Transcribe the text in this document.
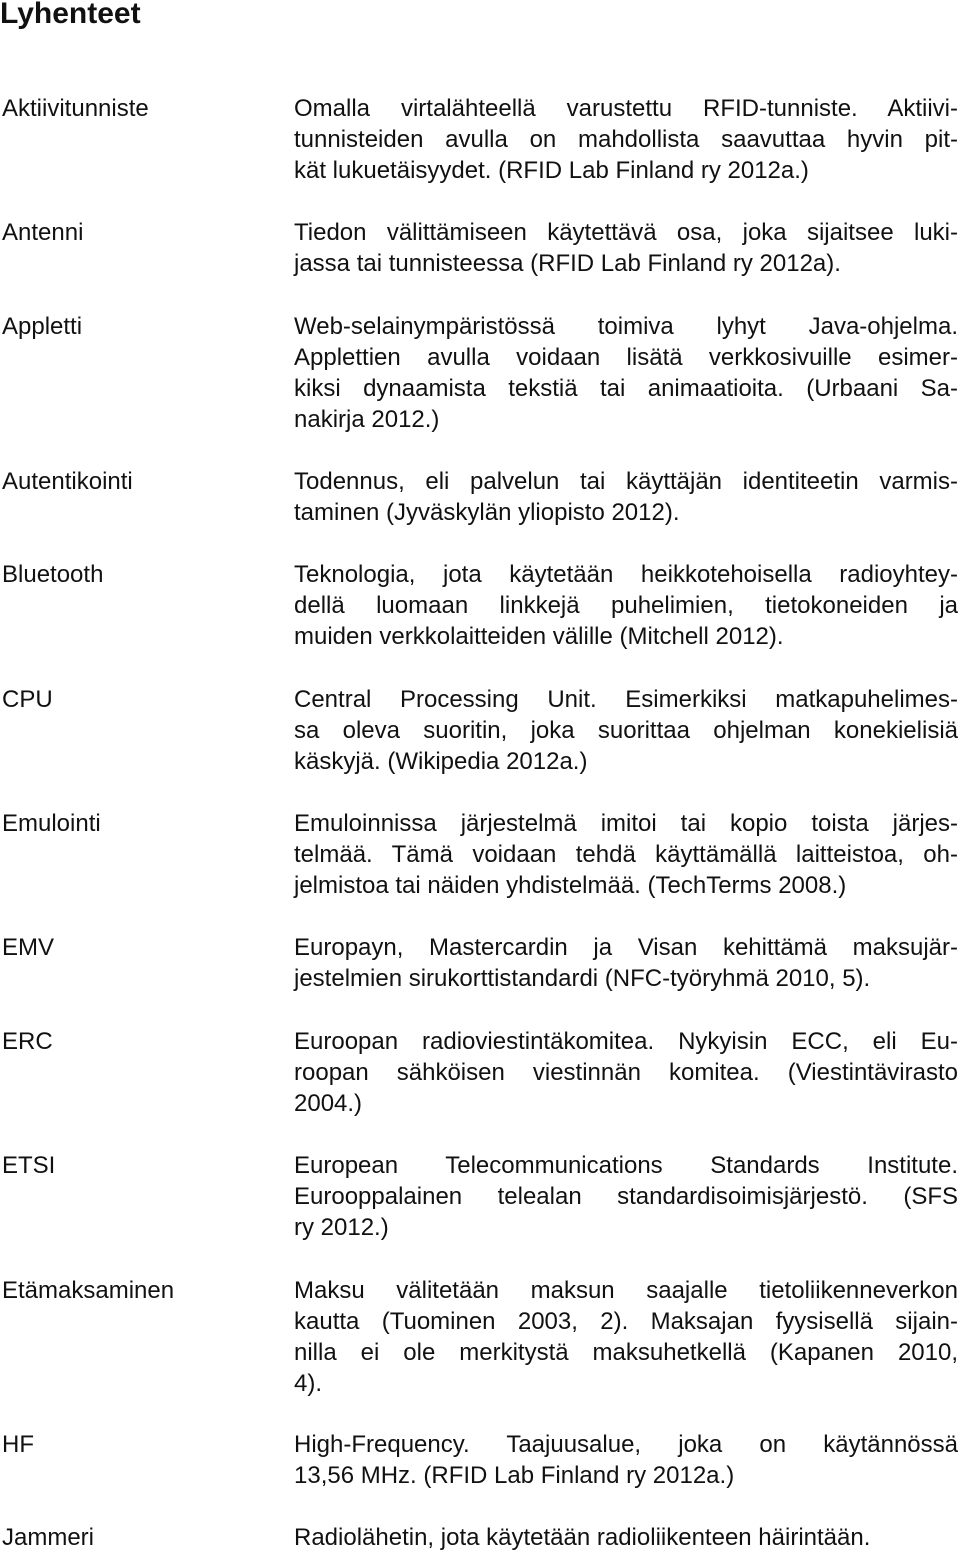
Lyhenteet
Aktiivitunniste	Omalla virtalähteellä varustettu RFID-tunniste. Aktiivi-
tunnisteiden avulla on mahdollista saavuttaa hyvin pit-
kät lukuetäisyydet. (RFID Lab Finland ry 2012a.)
Antenni	Tiedon välittämiseen käytettävä osa, joka sijaitsee luki-
jassa tai tunnisteessa (RFID Lab Finland ry 2012a).
Appletti	Web-selainympäristössä toimiva lyhyt Java-ohjelma.
Applettien avulla voidaan lisätä verkkosivuille esimer-
kiksi dynaamista tekstiä tai animaatioita. (Urbaani Sa-
nakirja 2012.)
Autentikointi	Todennus, eli palvelun tai käyttäjän identiteetin varmis-
taminen (Jyväskylän yliopisto 2012).
Bluetooth	Teknologia, jota käytetään heikkotehoisella radioyhtey-
dellä luomaan linkkejä puhelimien, tietokoneiden ja
muiden verkkolaitteiden välille (Mitchell 2012).
CPU	Central Processing Unit. Esimerkiksi matkapuhelimes-
sa oleva suoritin, joka suorittaa ohjelman konekielisiä
käskyjä. (Wikipedia 2012a.)
Emulointi	Emuloinnissa järjestelmä imitoi tai kopio toista järjes-
telmää. Tämä voidaan tehdä käyttämällä laitteistoa, oh-
jelmistoa tai näiden yhdistelmää. (TechTerms 2008.)
EMV	Europayn, Mastercardin ja Visan kehittämä maksujär-
jestelmien sirukorttistandardi (NFC-työryhmä 2010, 5).
ERC	Euroopan radioviestintäkomitea. Nykyisin ECC, eli Eu-
roopan sähköisen viestinnän komitea. (Viestintävirasto
2004.)
ETSI	European Telecommunications Standards Institute.
Eurooppalainen telealan standardisoimisjärjestö. (SFS
ry 2012.)
Etämaksaminen	Maksu välitetään maksun saajalle tietoliikenneverkon
kautta (Tuominen 2003, 2). Maksajan fyysisellä sijain-
nilla ei ole merkitystä maksuhetkellä (Kapanen 2010,
4).
HF	High-Frequency. Taajuusalue, joka on käytännössä
13,56 MHz. (RFID Lab Finland ry 2012a.)
Jammeri	Radiolähetin, jota käytetään radioliikenteen häirintään.
